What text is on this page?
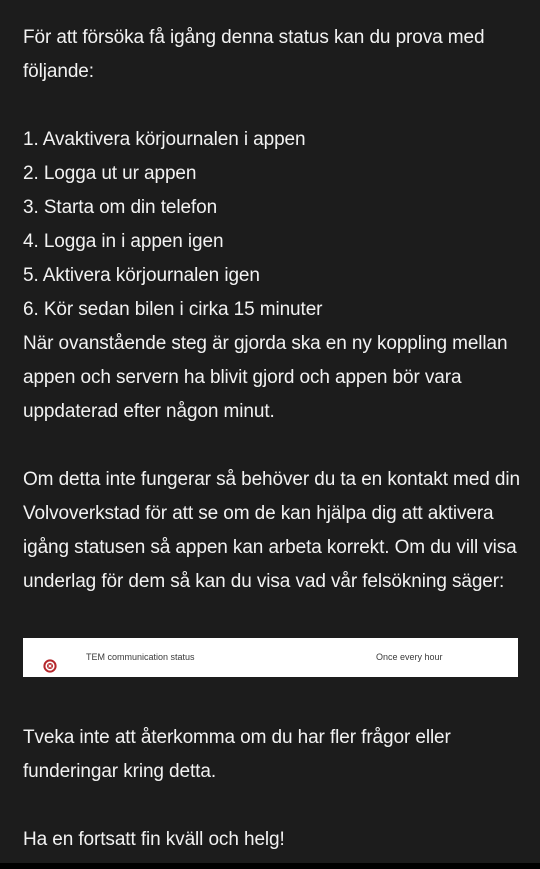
För att försöka få igång denna status kan du prova med följande:

1. Avaktivera körjournalen i appen
2. Logga ut ur appen
3. Starta om din telefon
4. Logga in i appen igen
5. Aktivera körjournalen igen
6. Kör sedan bilen i cirka 15 minuter

När ovanstående steg är gjorda ska en ny koppling mellan appen och servern ha blivit gjord och appen bör vara uppdaterad efter någon minut.

Om detta inte fungerar så behöver du ta en kontakt med din Volvoverkstad för att se om de kan hjälpa dig att aktivera igång statusen så appen kan arbeta korrekt. Om du vill visa underlag för dem så kan du visa vad vår felsökning säger:

TEM communication status	Once every hour

Tveka inte att återkomma om du har fler frågor eller funderingar kring detta.

Ha en fortsatt fin kväll och helg!
